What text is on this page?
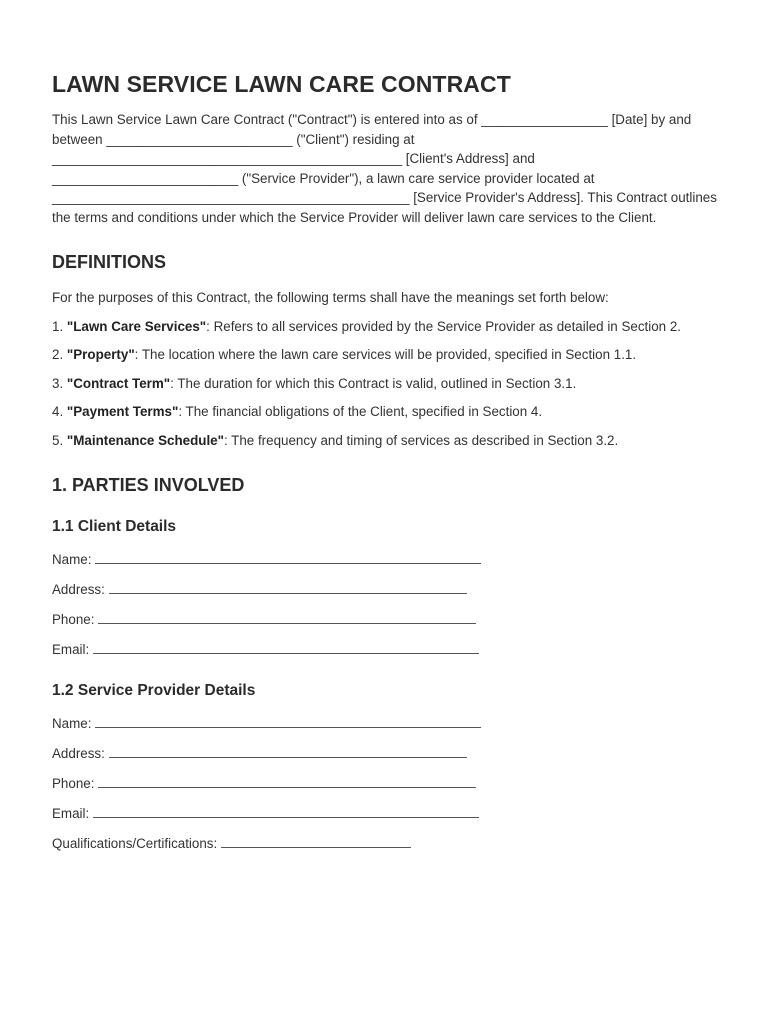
LAWN SERVICE LAWN CARE CONTRACT

This Lawn Service Lawn Care Contract ("Contract") is entered into as of _________________ [Date] by and between _________________________ ("Client") residing at _______________________________________________ [Client's Address] and _________________________ ("Service Provider"), a lawn care service provider located at ________________________________________________ [Service Provider's Address]. This Contract outlines the terms and conditions under which the Service Provider will deliver lawn care services to the Client.

DEFINITIONS

For the purposes of this Contract, the following terms shall have the meanings set forth below:

1. "Lawn Care Services": Refers to all services provided by the Service Provider as detailed in Section 2.
2. "Property": The location where the lawn care services will be provided, specified in Section 1.1.
3. "Contract Term": The duration for which this Contract is valid, outlined in Section 3.1.
4. "Payment Terms": The financial obligations of the Client, specified in Section 4.
5. "Maintenance Schedule": The frequency and timing of services as described in Section 3.2.
1. PARTIES INVOLVED
1.1 Client Details
Name:
Address:
Phone:
Email:
1.2 Service Provider Details
Name:
Address:
Phone:
Email:
Qualifications/Certifications:
